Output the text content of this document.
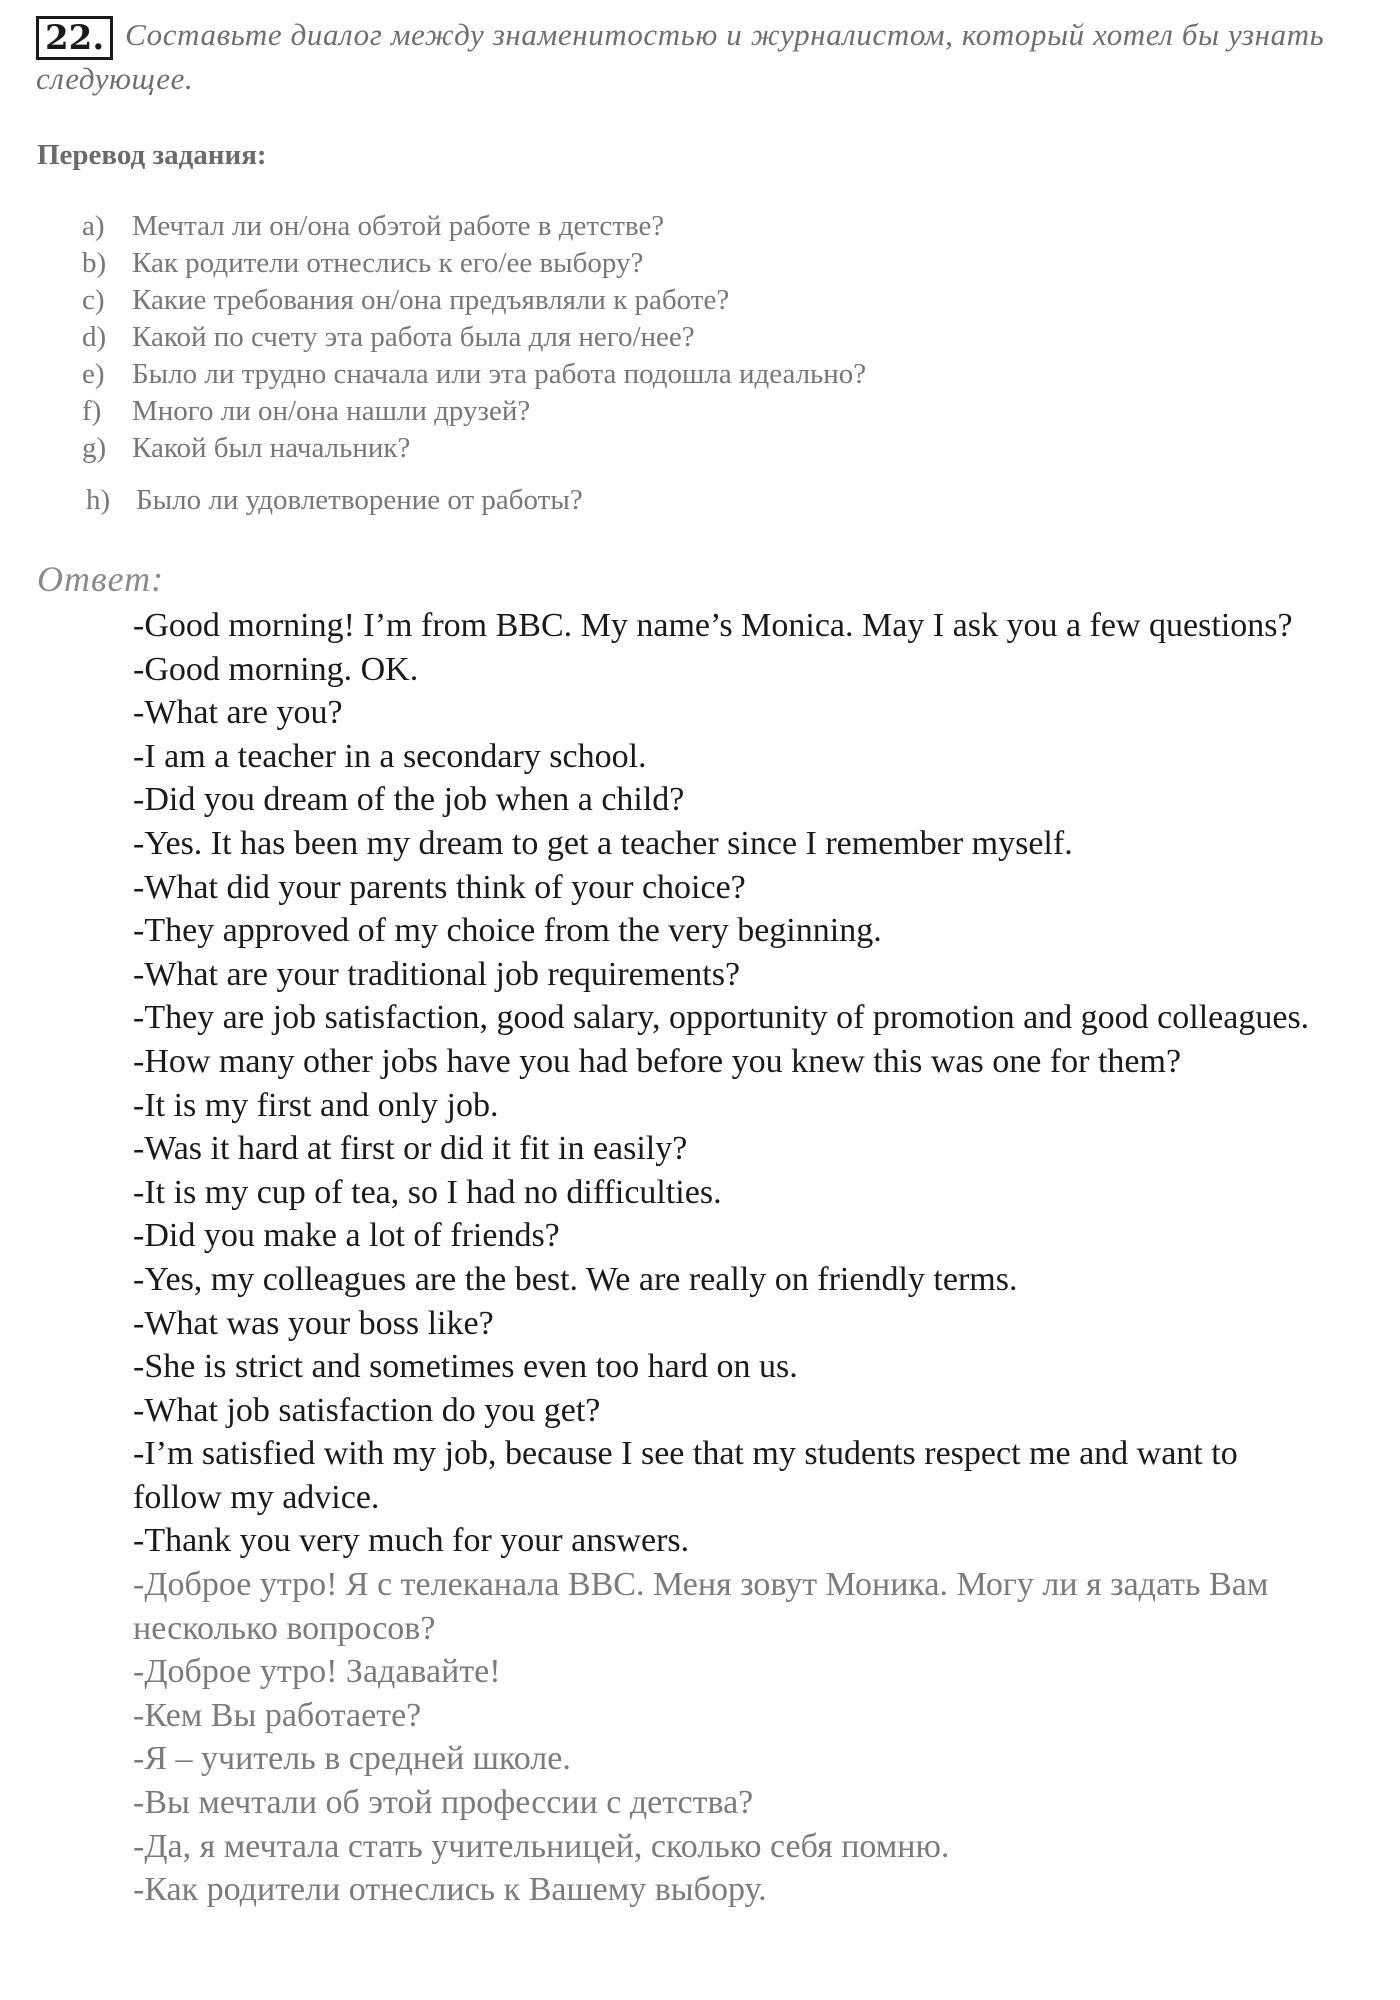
22. Составьте диалог между знаменитостью и журналистом, который хотел бы узнать следующее.
Перевод задания:
a) Мечтал ли он/она обэтой работе в детстве?
b) Как родители отнеслись к его/ее выбору?
c) Какие требования он/она предъявляли к работе?
d) Какой по счету эта работа была для него/нее?
e) Было ли трудно сначала или эта работа подошла идеально?
f) Много ли он/она нашли друзей?
g) Какой был начальник?
h) Было ли удовлетворение от работы?
Ответ:

-Good morning! I’m from BBC. My name’s Monica. May I ask you a few questions?

-Good morning. OK.

-What are you?

-I am a teacher in a secondary school.

-Did you dream of the job when a child?

-Yes. It has been my dream to get a teacher since I remember myself.

-What did your parents think of your choice?

-They approved of my choice from the very beginning.

-What are your traditional job requirements?

-They are job satisfaction, good salary, opportunity of promotion and good colleagues.

-How many other jobs have you had before you knew this was one for them?

-It is my first and only job.

-Was it hard at first or did it fit in easily?

-It is my cup of tea, so I had no difficulties.

-Did you make a lot of friends?

-Yes, my colleagues are the best. We are really on friendly terms.

-What was your boss like?

-She is strict and sometimes even too hard on us.

-What job satisfaction do you get?

-I’m satisfied with my job, because I see that my students respect me and want to follow my advice.

-Thank you very much for your answers.

-Доброе утро! Я с телеканала BBC. Меня зовут Моника. Могу ли я задать Вам несколько вопросов?

-Доброе утро! Задавайте!

-Кем Вы работаете?

-Я – учитель в средней школе.

-Вы мечтали об этой профессии с детства?

-Да, я мечтала стать учительницей, сколько себя помню.

-Как родители отнеслись к Вашему выбору.
